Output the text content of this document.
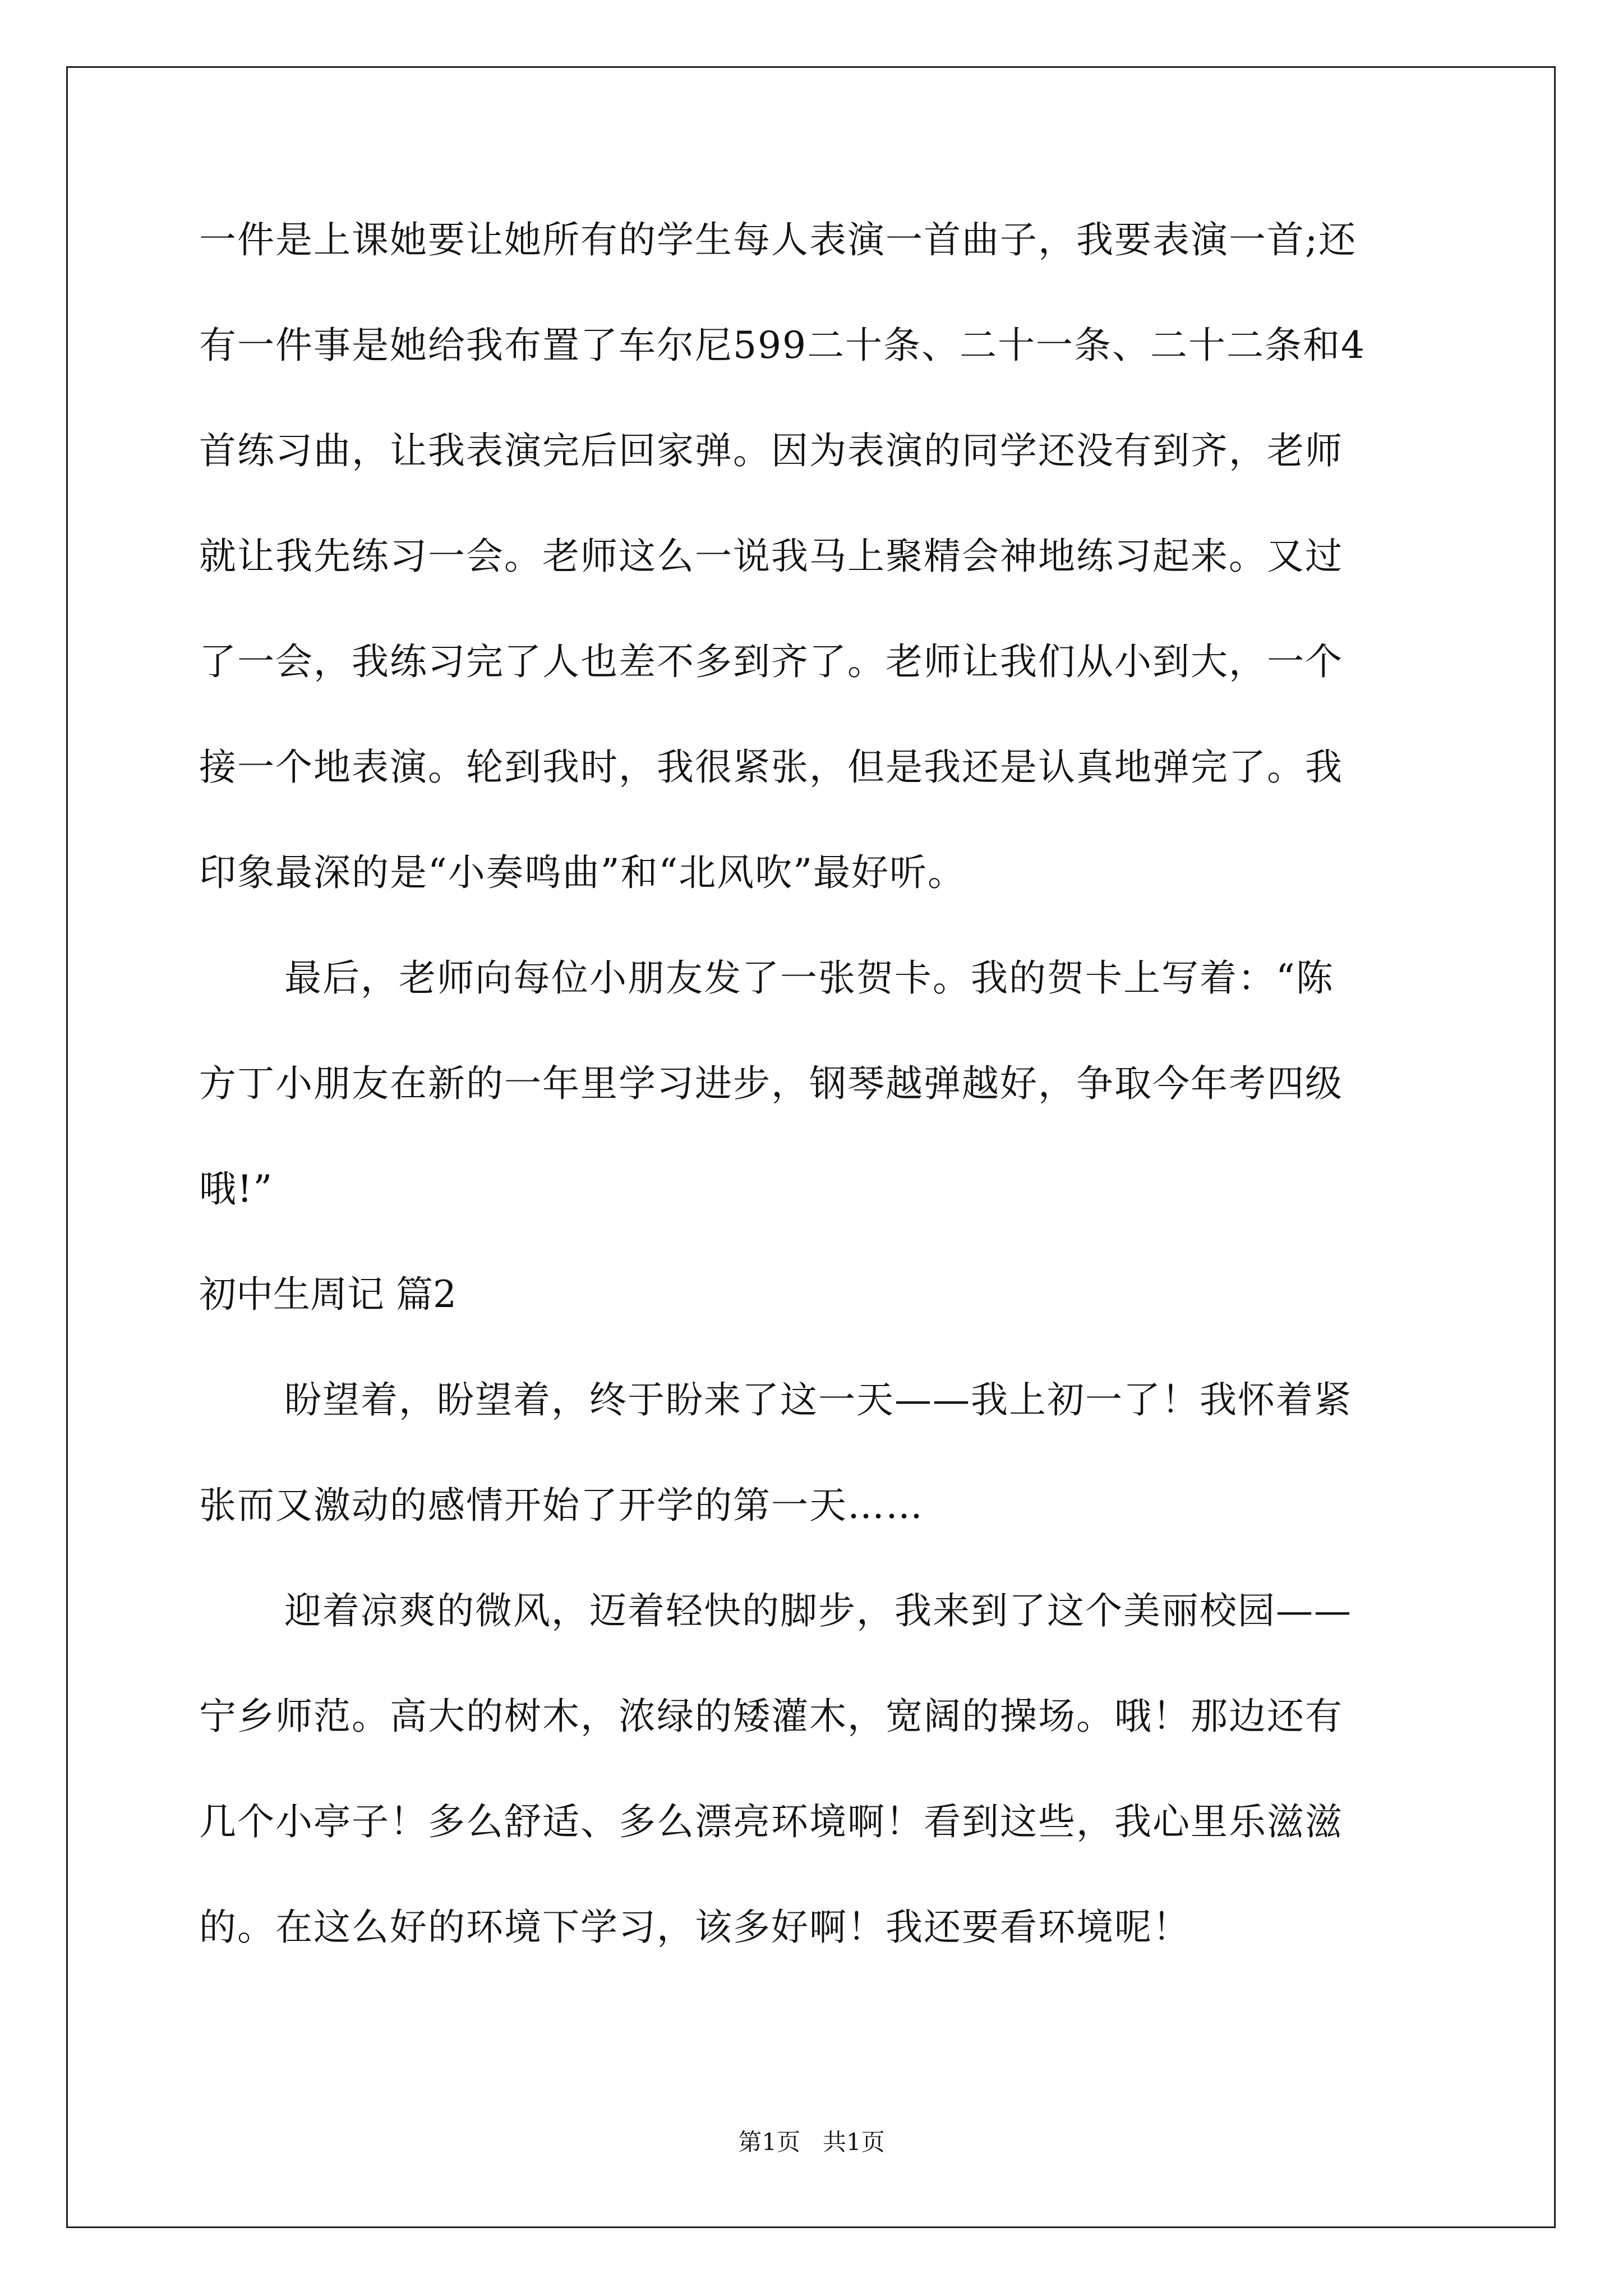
一件是上课她要让她所有的学生每人表演一首曲子，我要表演一首;还
有一件事是她给我布置了车尔尼599二十条、二十一条、二十二条和4
首练习曲，让我表演完后回家弹。因为表演的同学还没有到齐，老师
就让我先练习一会。老师这么一说我马上聚精会神地练习起来。又过
了一会，我练习完了人也差不多到齐了。老师让我们从小到大，一个
接一个地表演。轮到我时，我很紧张，但是我还是认真地弹完了。我
印象最深的是“小奏鸣曲”和“北风吹”最好听。
最后，老师向每位小朋友发了一张贺卡。我的贺卡上写着：“陈
方丁小朋友在新的一年里学习进步，钢琴越弹越好，争取今年考四级
哦!”
初中生周记 篇2
盼望着，盼望着，终于盼来了这一天——我上初一了！我怀着紧
张而又激动的感情开始了开学的第一天……
迎着凉爽的微风，迈着轻快的脚步，我来到了这个美丽校园——
宁乡师范。高大的树木，浓绿的矮灌木，宽阔的操场。哦！那边还有
几个小亭子！多么舒适、多么漂亮环境啊！看到这些，我心里乐滋滋
的。在这么好的环境下学习，该多好啊！我还要看环境呢！
第1页   共1页
